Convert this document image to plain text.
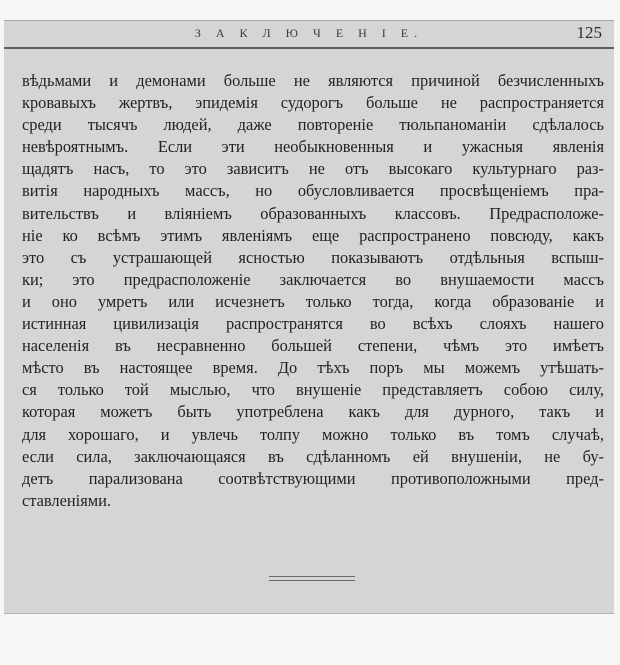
З А К Л Ю Ч Е Н І Е.	125
вѣдьмами и демонами больше не являются причиной безчисленныхъ
кровавыхъ жертвъ, эпидемія судорогъ больше не распространяется
среди тысячъ людей, даже повтореніе тюльпаноманіи сдѣлалось
невѣроятнымъ. Если эти необыкновенныя и ужасныя явленія
щадятъ насъ, то это зависитъ не отъ высокаго культурнаго раз-
витія народныхъ массъ, но обусловливается просвѣщеніемъ пра-
вительствъ и вліяніемъ образованныхъ классовъ. Предрасположе-
ніе ко всѣмъ этимъ явленіямъ еще распространено повсюду, какъ
это съ устрашающей ясностью показываютъ отдѣльныя вспыш-
ки; это предрасположеніе заключается во внушаемости массъ
и оно умретъ или исчезнетъ только тогда, когда образованіе и
истинная цивилизація распространятся во всѣхъ слояхъ нашего
населенія въ несравненно большей степени, чѣмъ это имѣетъ
мѣсто въ настоящее время. До тѣхъ поръ мы можемъ утѣшать-
ся только той мыслью, что внушеніе представляетъ собою силу,
которая можетъ быть употреблена какъ для дурного, такъ и
для хорошаго, и увлечь толпу можно только въ томъ случаѣ,
если сила, заключающаяся въ сдѣланномъ ей внушеніи, не бу-
детъ парализована соотвѣтствующими противоположными пред-
ставленіями.
